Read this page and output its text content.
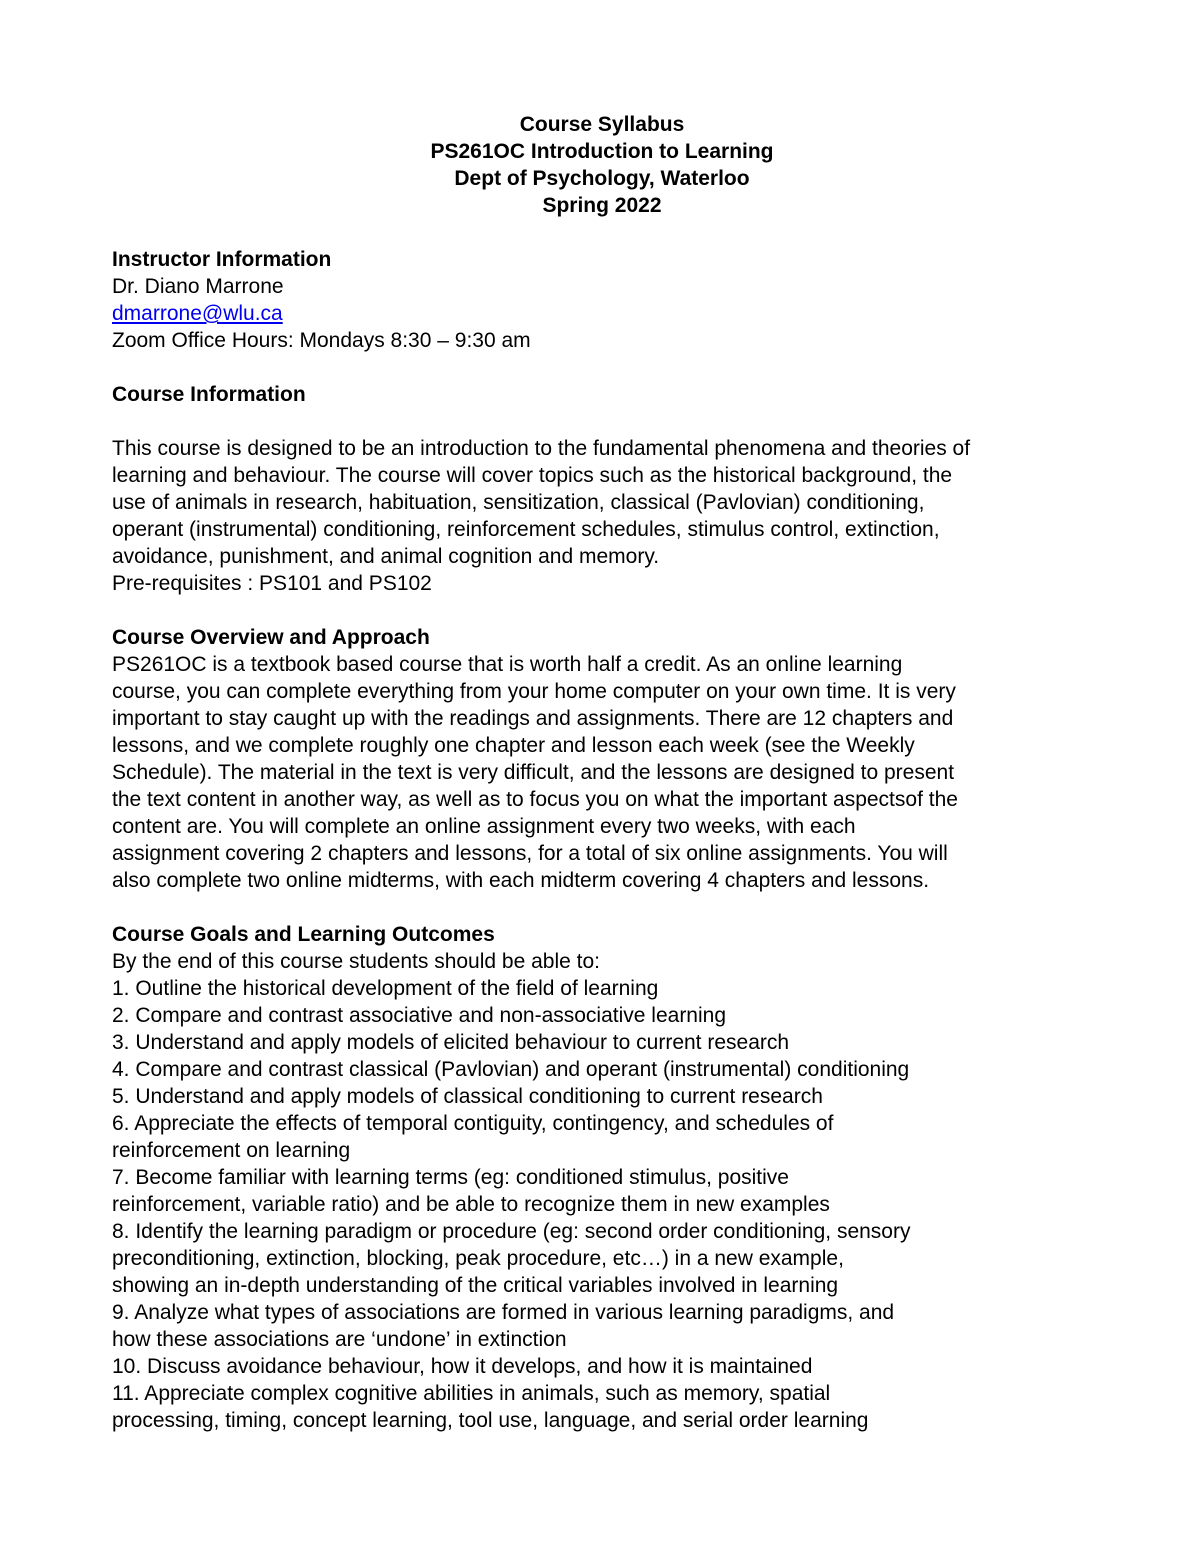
Course Syllabus
PS261OC Introduction to Learning
Dept of Psychology, Waterloo
Spring 2022
Instructor Information
Dr. Diano Marrone
dmarrone@wlu.ca
Zoom Office Hours: Mondays 8:30 – 9:30 am
Course Information
This course is designed to be an introduction to the fundamental phenomena and theories of
learning and behaviour. The course will cover topics such as the historical background, the
use of animals in research, habituation, sensitization, classical (Pavlovian) conditioning,
operant (instrumental) conditioning, reinforcement schedules, stimulus control, extinction,
avoidance, punishment, and animal cognition and memory.
Pre-requisites : PS101 and PS102
Course Overview and Approach
PS261OC is a textbook based course that is worth half a credit. As an online learning
course, you can complete everything from your home computer on your own time. It is very
important to stay caught up with the readings and assignments. There are 12 chapters and
lessons, and we complete roughly one chapter and lesson each week (see the Weekly
Schedule). The material in the text is very difficult, and the lessons are designed to present
the text content in another way, as well as to focus you on what the important aspectsof the
content are. You will complete an online assignment every two weeks, with each
assignment covering 2 chapters and lessons, for a total of six online assignments. You will
also complete two online midterms, with each midterm covering 4 chapters and lessons.
Course Goals and Learning Outcomes
By the end of this course students should be able to:
1. Outline the historical development of the field of learning
2. Compare and contrast associative and non-associative learning
3. Understand and apply models of elicited behaviour to current research
4. Compare and contrast classical (Pavlovian) and operant (instrumental) conditioning
5. Understand and apply models of classical conditioning to current research
6. Appreciate the effects of temporal contiguity, contingency, and schedules of
reinforcement on learning
7. Become familiar with learning terms (eg: conditioned stimulus, positive
reinforcement, variable ratio) and be able to recognize them in new examples
8. Identify the learning paradigm or procedure (eg: second order conditioning, sensory
preconditioning, extinction, blocking, peak procedure, etc…) in a new example,
showing an in-depth understanding of the critical variables involved in learning
9. Analyze what types of associations are formed in various learning paradigms, and
how these associations are ‘undone’ in extinction
10. Discuss avoidance behaviour, how it develops, and how it is maintained
11. Appreciate complex cognitive abilities in animals, such as memory, spatial
processing, timing, concept learning, tool use, language, and serial order learning
